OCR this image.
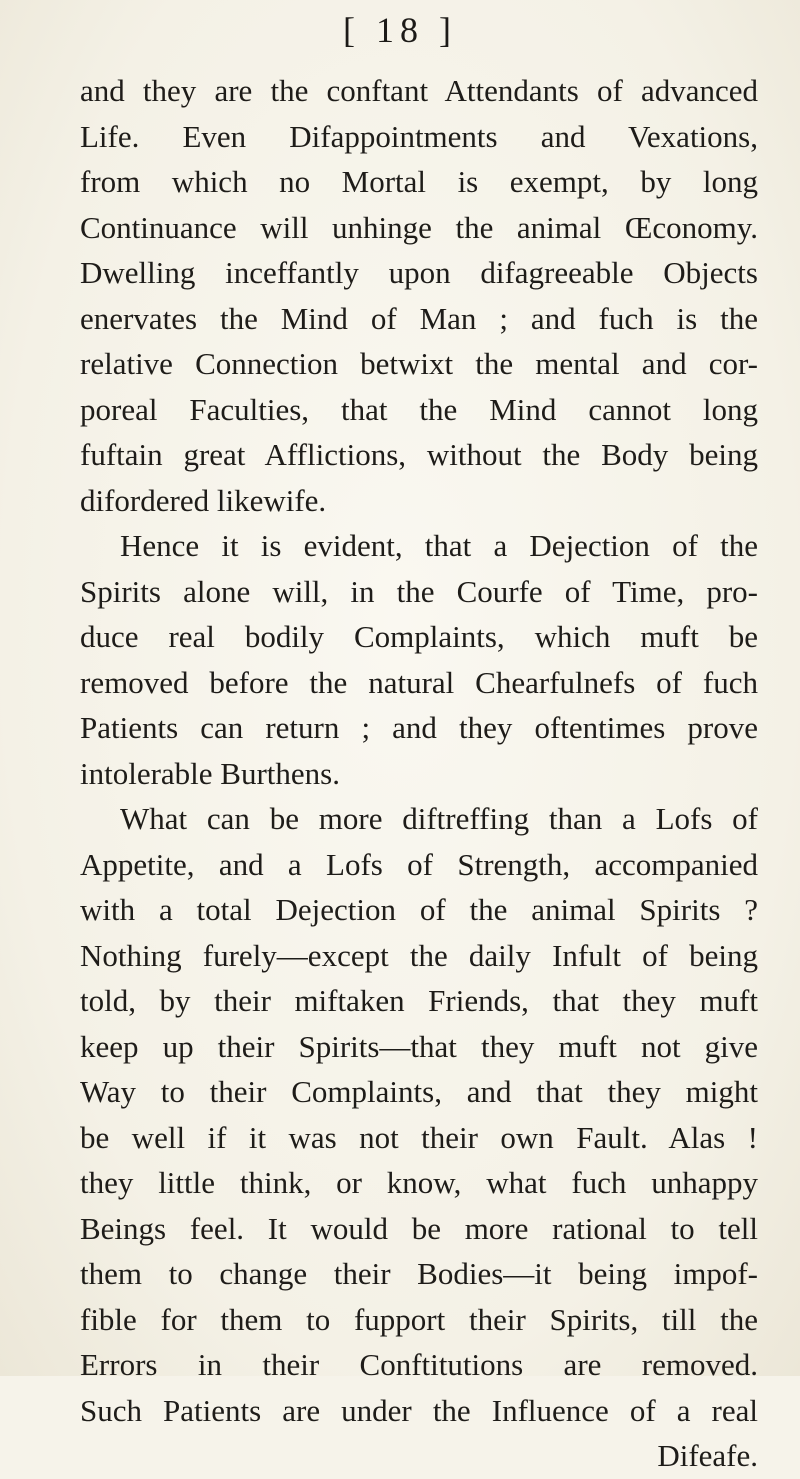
[ 18 ]
and they are the conftant Attendants of advanced
Life. Even Difappointments and Vexations,
from which no Mortal is exempt, by long
Continuance will unhinge the animal Œconomy.
Dwelling inceffantly upon difagreeable Objects
enervates the Mind of Man ; and fuch is the
relative Connection betwixt the mental and cor-
poreal Faculties, that the Mind cannot long
fuftain great Afflictions, without the Body being
difordered likewife.
Hence it is evident, that a Dejection of the
Spirits alone will, in the Courfe of Time, pro-
duce real bodily Complaints, which muft be
removed before the natural Chearfulnefs of fuch
Patients can return ; and they oftentimes prove
intolerable Burthens.
What can be more diftreffing than a Lofs of
Appetite, and a Lofs of Strength, accompanied
with a total Dejection of the animal Spirits ?
Nothing furely—except the daily Infult of being
told, by their miftaken Friends, that they muft
keep up their Spirits—that they muft not give
Way to their Complaints, and that they might
be well if it was not their own Fault. Alas !
they little think, or know, what fuch unhappy
Beings feel. It would be more rational to tell
them to change their Bodies—it being impof-
fible for them to fupport their Spirits, till the
Errors in their Conftitutions are removed.
Such Patients are under the Influence of a real
Difeafe.
